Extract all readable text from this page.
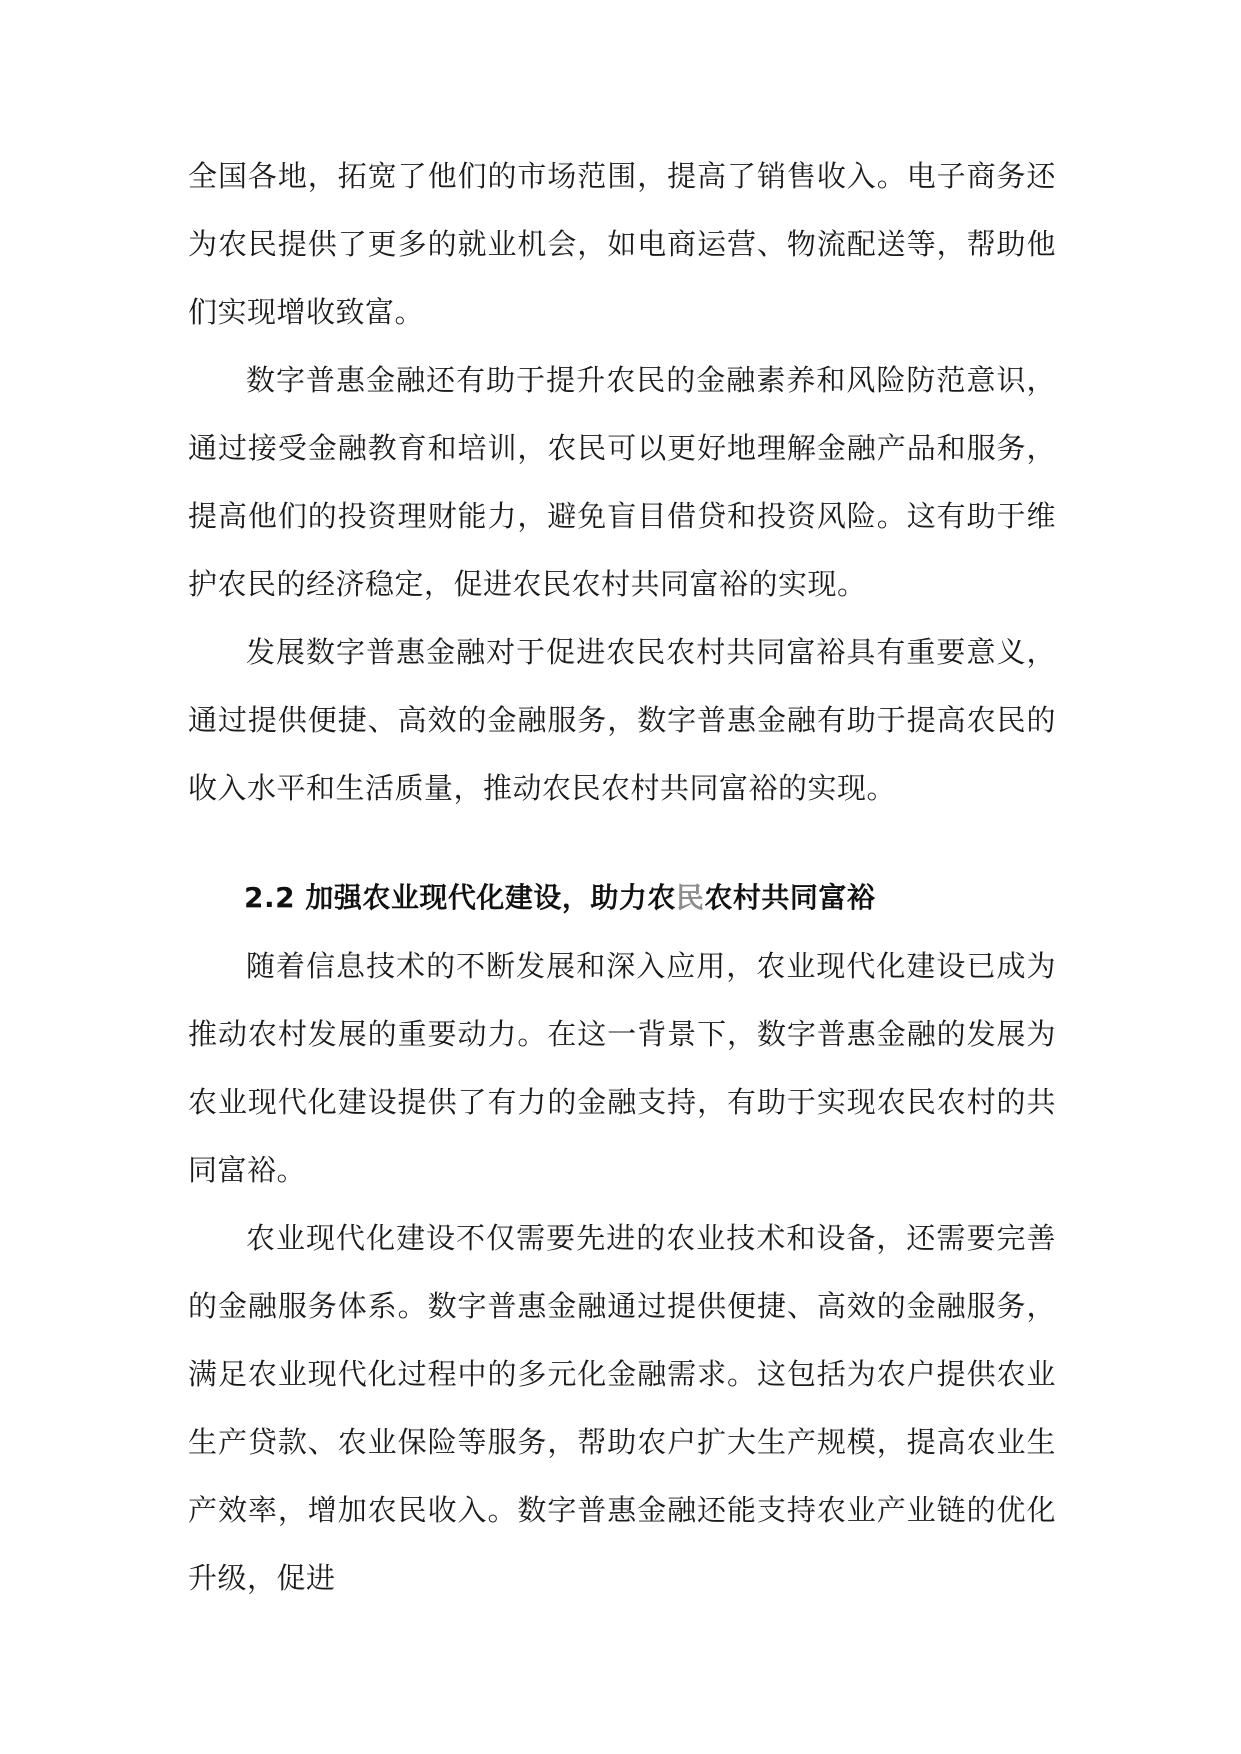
全国各地，拓宽了他们的市场范围，提高了销售收入。电子商务还为农民提供了更多的就业机会，如电商运营、物流配送等，帮助他们实现增收致富。

数字普惠金融还有助于提升农民的金融素养和风险防范意识，通过接受金融教育和培训，农民可以更好地理解金融产品和服务，提高他们的投资理财能力，避免盲目借贷和投资风险。这有助于维护农民的经济稳定，促进农民农村共同富裕的实现。

发展数字普惠金融对于促进农民农村共同富裕具有重要意义，通过提供便捷、高效的金融服务，数字普惠金融有助于提高农民的收入水平和生活质量，推动农民农村共同富裕的实现。

2.2 加强农业现代化建设，助力农民农村共同富裕

随着信息技术的不断发展和深入应用，农业现代化建设已成为推动农村发展的重要动力。在这一背景下，数字普惠金融的发展为农业现代化建设提供了有力的金融支持，有助于实现农民农村的共同富裕。

农业现代化建设不仅需要先进的农业技术和设备，还需要完善的金融服务体系。数字普惠金融通过提供便捷、高效的金融服务，满足农业现代化过程中的多元化金融需求。这包括为农户提供农业生产贷款、农业保险等服务，帮助农户扩大生产规模，提高农业生产效率，增加农民收入。数字普惠金融还能支持农业产业链的优化升级，促进
